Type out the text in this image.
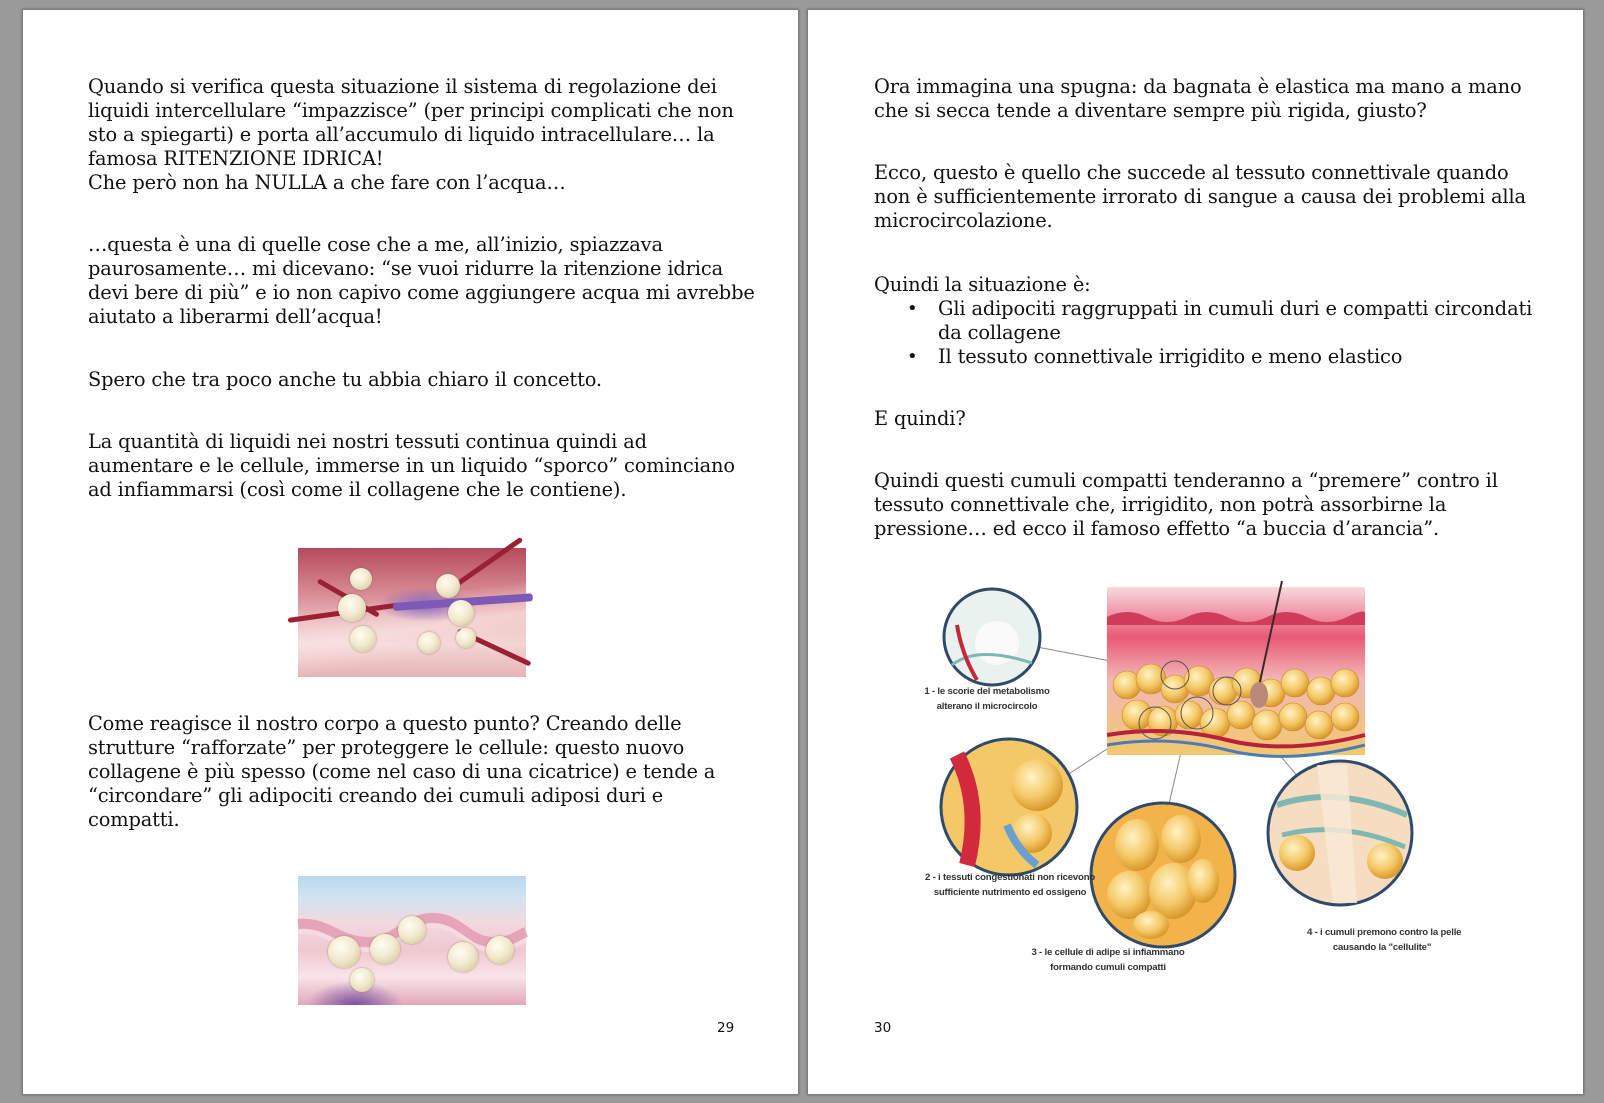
Quando si verifica questa situazione il sistema di regolazione dei
liquidi intercellulare “impazzisce” (per principi complicati che non
sto a spiegarti) e porta all’accumulo di liquido intracellulare… la
famosa RITENZIONE IDRICA!
Che però non ha NULLA a che fare con l’acqua…

…questa è una di quelle cose che a me, all’inizio, spiazzava
paurosamente… mi dicevano: “se vuoi ridurre la ritenzione idrica
devi bere di più” e io non capivo come aggiungere acqua mi avrebbe
aiutato a liberarmi dell’acqua!

Spero che tra poco anche tu abbia chiaro il concetto.

La quantità di liquidi nei nostri tessuti continua quindi ad
aumentare e le cellule, immerse in un liquido “sporco” cominciano
ad infiammarsi (così come il collagene che le contiene).

Come reagisce il nostro corpo a questo punto? Creando delle
strutture “rafforzate” per proteggere le cellule: questo nuovo
collagene è più spesso (come nel caso di una cicatrice) e tende a
“circondare” gli adipociti creando dei cumuli adiposi duri e
compatti.

29

Ora immagina una spugna: da bagnata è elastica ma mano a mano
che si secca tende a diventare sempre più rigida, giusto?

Ecco, questo è quello che succede al tessuto connettivale quando
non è sufficientemente irrorato di sangue a causa dei problemi alla
microcircolazione.

Quindi la situazione è:

• Gli adipociti raggruppati in cumuli duri e compatti circondati
da collagene
• Il tessuto connettivale irrigidito e meno elastico

E quindi?

Quindi questi cumuli compatti tenderanno a “premere” contro il
tessuto connettivale che, irrigidito, non potrà assorbirne la
pressione… ed ecco il famoso effetto “a buccia d’arancia”.

30
1 - le scorie del metabolismo
alterano il microcircolo
2 - i tessuti congestionati non ricevono
sufficiente nutrimento ed ossigeno
3 - le cellule di adipe si infiammano
formando cumuli compatti
4 - i cumuli premono contro la pelle
causando la "cellulite"
